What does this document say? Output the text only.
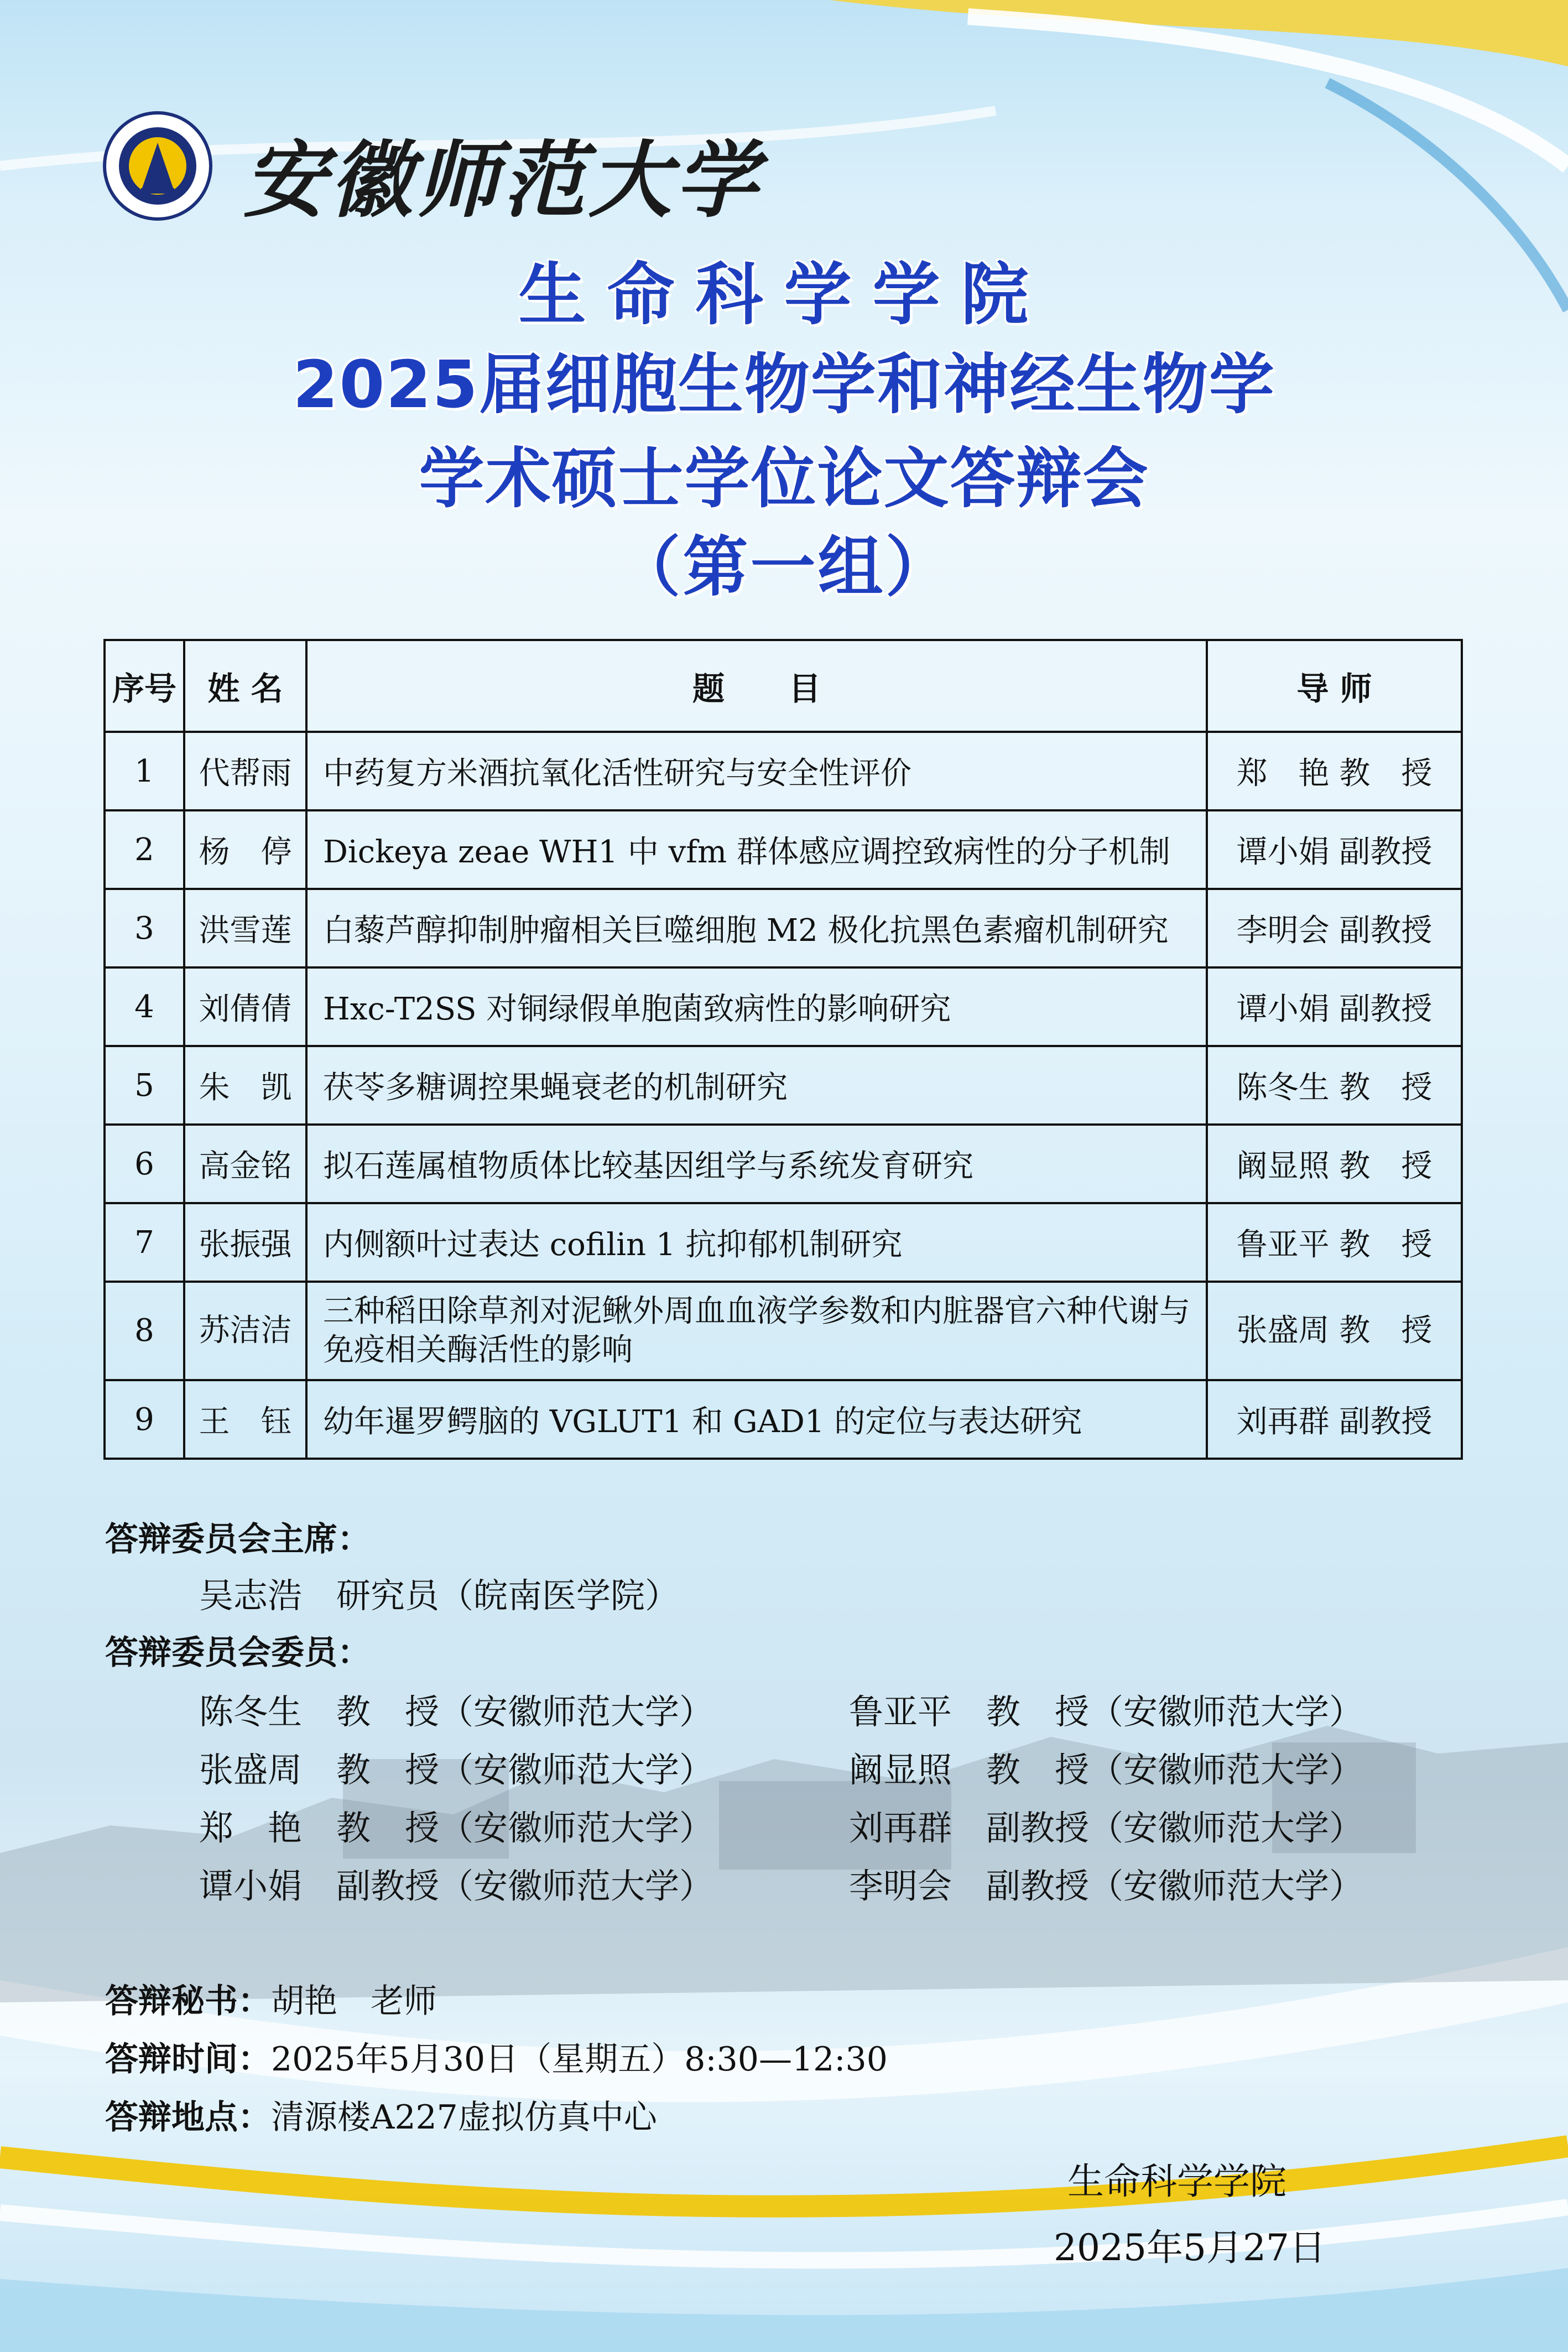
安徽师范大学
生命科学学院
2025届细胞生物学和神经生物学
学术硕士学位论文答辩会
（第一组）
序号	姓 名	题　　目	导 师
1	代帮雨	中药复方米酒抗氧化活性研究与安全性评价	郑　艳 教　授
2	杨　停	Dickeya zeae WH1 中 vfm 群体感应调控致病性的分子机制	谭小娟 副教授
3	洪雪莲	白藜芦醇抑制肿瘤相关巨噬细胞 M2 极化抗黑色素瘤机制研究	李明会 副教授
4	刘倩倩	Hxc-T2SS 对铜绿假单胞菌致病性的影响研究	谭小娟 副教授
5	朱　凯	茯苓多糖调控果蝇衰老的机制研究	陈冬生 教　授
6	高金铭	拟石莲属植物质体比较基因组学与系统发育研究	阚显照 教　授
7	张振强	内侧额叶过表达 cofilin 1 抗抑郁机制研究	鲁亚平 教　授
8	苏洁洁	三种稻田除草剂对泥鳅外周血血液学参数和内脏器官六种代谢与免疫相关酶活性的影响	张盛周 教　授
9	王　钰	幼年暹罗鳄脑的 VGLUT1 和 GAD1 的定位与表达研究	刘再群 副教授
答辩委员会主席：
吴志浩　研究员（皖南医学院）
答辩委员会委员：
陈冬生　教　授（安徽师范大学）	鲁亚平　教　授（安徽师范大学）
张盛周　教　授（安徽师范大学）	阚显照　教　授（安徽师范大学）
郑　艳　教　授（安徽师范大学）	刘再群　副教授（安徽师范大学）
谭小娟　副教授（安徽师范大学）	李明会　副教授（安徽师范大学）
答辩秘书：胡艳　老师
答辩时间：2025年5月30日（星期五）8:30—12:30
答辩地点：清源楼A227虚拟仿真中心
生命科学学院
2025年5月27日
